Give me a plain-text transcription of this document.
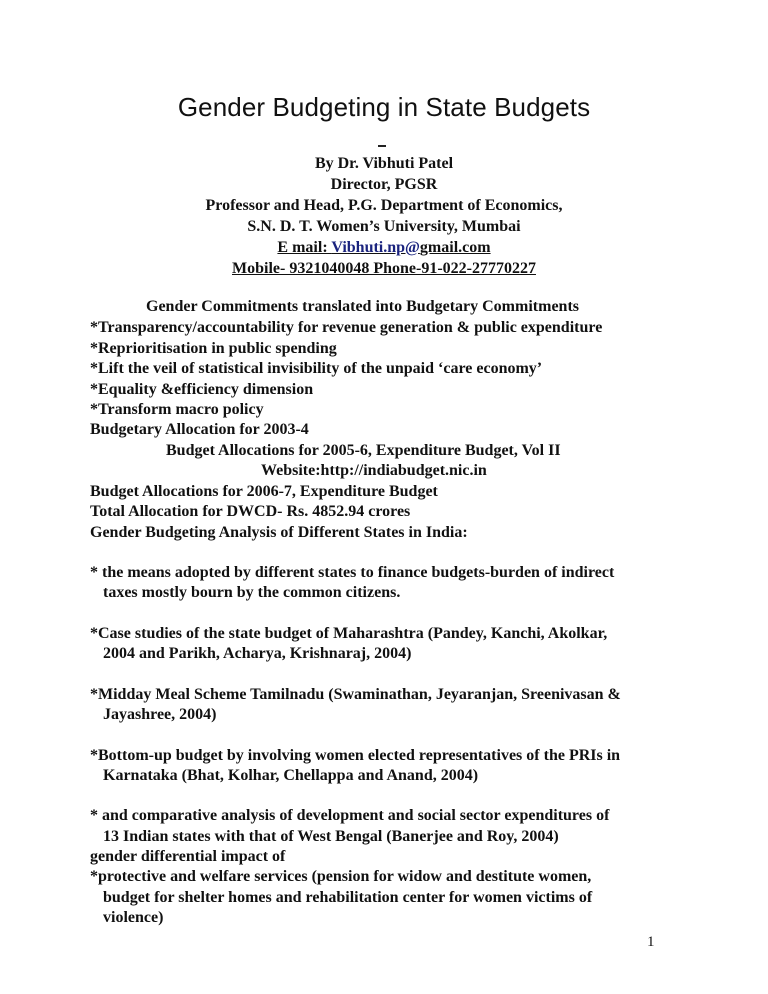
Gender Budgeting in State Budgets
By Dr. Vibhuti Patel
Director, PGSR
Professor and Head, P.G. Department of Economics,
S.N. D. T. Women’s University, Mumbai
E mail: Vibhuti.np@gmail.com
Mobile- 9321040048 Phone-91-022-27770227
Gender Commitments translated into Budgetary Commitments
*Transparency/accountability for revenue generation & public expenditure
*Reprioritisation in public spending
*Lift the veil of statistical invisibility of the unpaid ‘care economy’
*Equality &efficiency dimension
*Transform macro policy
Budgetary Allocation for 2003-4
Budget Allocations for 2005-6, Expenditure Budget, Vol II
Website:http://indiabudget.nic.in
Budget Allocations for 2006-7, Expenditure Budget
Total Allocation for DWCD- Rs. 4852.94 crores
Gender Budgeting Analysis of Different States in India:
* the means adopted by different states to finance budgets-burden of indirect
taxes mostly bourn by the common citizens.
*Case studies of the state budget of Maharashtra (Pandey, Kanchi, Akolkar,
2004 and Parikh, Acharya, Krishnaraj, 2004)
*Midday Meal Scheme Tamilnadu (Swaminathan, Jeyaranjan, Sreenivasan &
Jayashree, 2004)
*Bottom-up budget by involving women elected representatives of the PRIs in
Karnataka (Bhat, Kolhar, Chellappa and Anand, 2004)
* and comparative analysis of development and social sector expenditures of
13 Indian states with that of West Bengal (Banerjee and Roy, 2004)
gender differential impact of
*protective and welfare services (pension for widow and destitute women,
budget for shelter homes and rehabilitation center for women victims of
violence)
1
